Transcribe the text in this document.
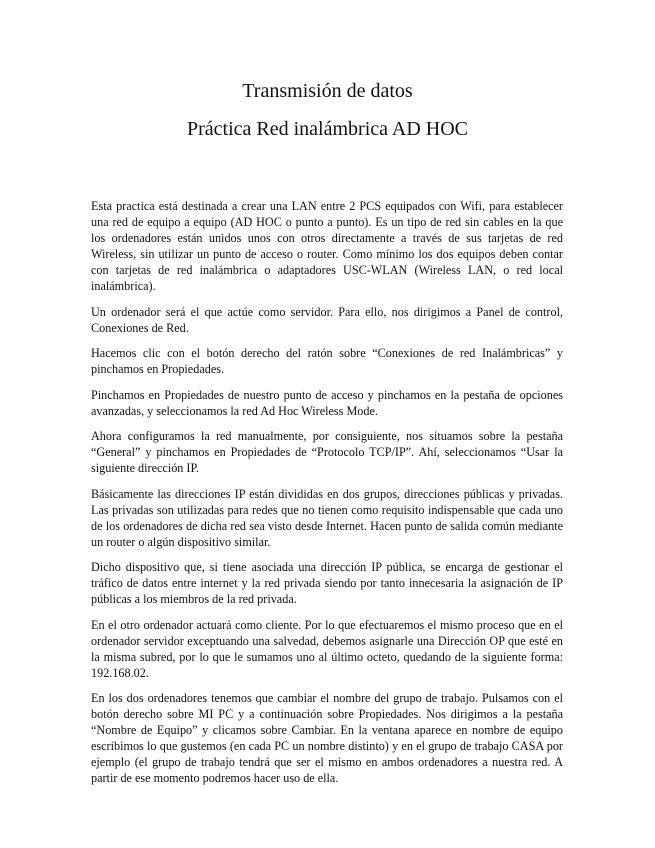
Transmisión de datos
Práctica Red inalámbrica AD HOC

Esta practica está destinada a crear una LAN entre 2 PCS equipados con Wifi, para establecer una red de equipo a equipo (AD HOC o punto a punto). Es un tipo de red sin cables en la que los ordenadores están unidos unos con otros directamente a través de sus tarjetas de red Wireless, sin utilizar un punto de acceso o router. Como mínimo los dos equipos deben contar con tarjetas de red inalámbrica o adaptadores USC-WLAN (Wireless LAN, o red local inalámbrica).

Un ordenador será el que actúe como servidor. Para ello, nos dirigimos a Panel de control, Conexiones de Red.

Hacemos clic con el botón derecho del ratón sobre “Conexiones de red Inalámbricas” y pinchamos en Propiedades.

Pinchamos en Propiedades de nuestro punto de acceso y pinchamos en la pestaña de opciones avanzadas, y seleccionamos la red Ad Hoc Wireless Mode.

Ahora configuramos la red manualmente, por consiguiente, nos situamos sobre la pestaña “General” y pinchamos en Propiedades de “Protocolo TCP/IP”. Ahí, seleccionamos “Usar la siguiente dirección IP.

Básicamente las direcciones IP están divididas en dos grupos, direcciones públicas y privadas. Las privadas son utilizadas para redes que no tienen como requisito indispensable que cada uno de los ordenadores de dicha red sea visto desde Internet. Hacen punto de salida común mediante un router o algún dispositivo similar.

Dicho dispositivo que, si tiene asociada una dirección IP pública, se encarga de gestionar el tráfico de datos entre internet y la red privada siendo por tanto innecesaria la asignación de IP públicas a los miembros de la red privada.

En el otro ordenador actuará como cliente. Por lo que efectuaremos el mismo proceso que en el ordenador servidor exceptuando una salvedad, debemos asignarle una Dirección OP que esté en la misma subred, por lo que le sumamos uno al último octeto, quedando de la siguiente forma: 192.168.02.

En los dos ordenadores tenemos que cambiar el nombre del grupo de trabajo. Pulsamos con el botón derecho sobre MI PC y a continuación sobre Propiedades. Nos dirigimos a la pestaña “Nombre de Equipo” y clicamos sobre Cambiar. En la ventana aparece en nombre de equipo escribimos lo que gustemos (en cada PC un nombre distinto) y en el grupo de trabajo CASA por ejemplo (el grupo de trabajo tendrá que ser el mismo en ambos ordenadores a nuestra red. A partir de ese momento podremos hacer uso de ella.
